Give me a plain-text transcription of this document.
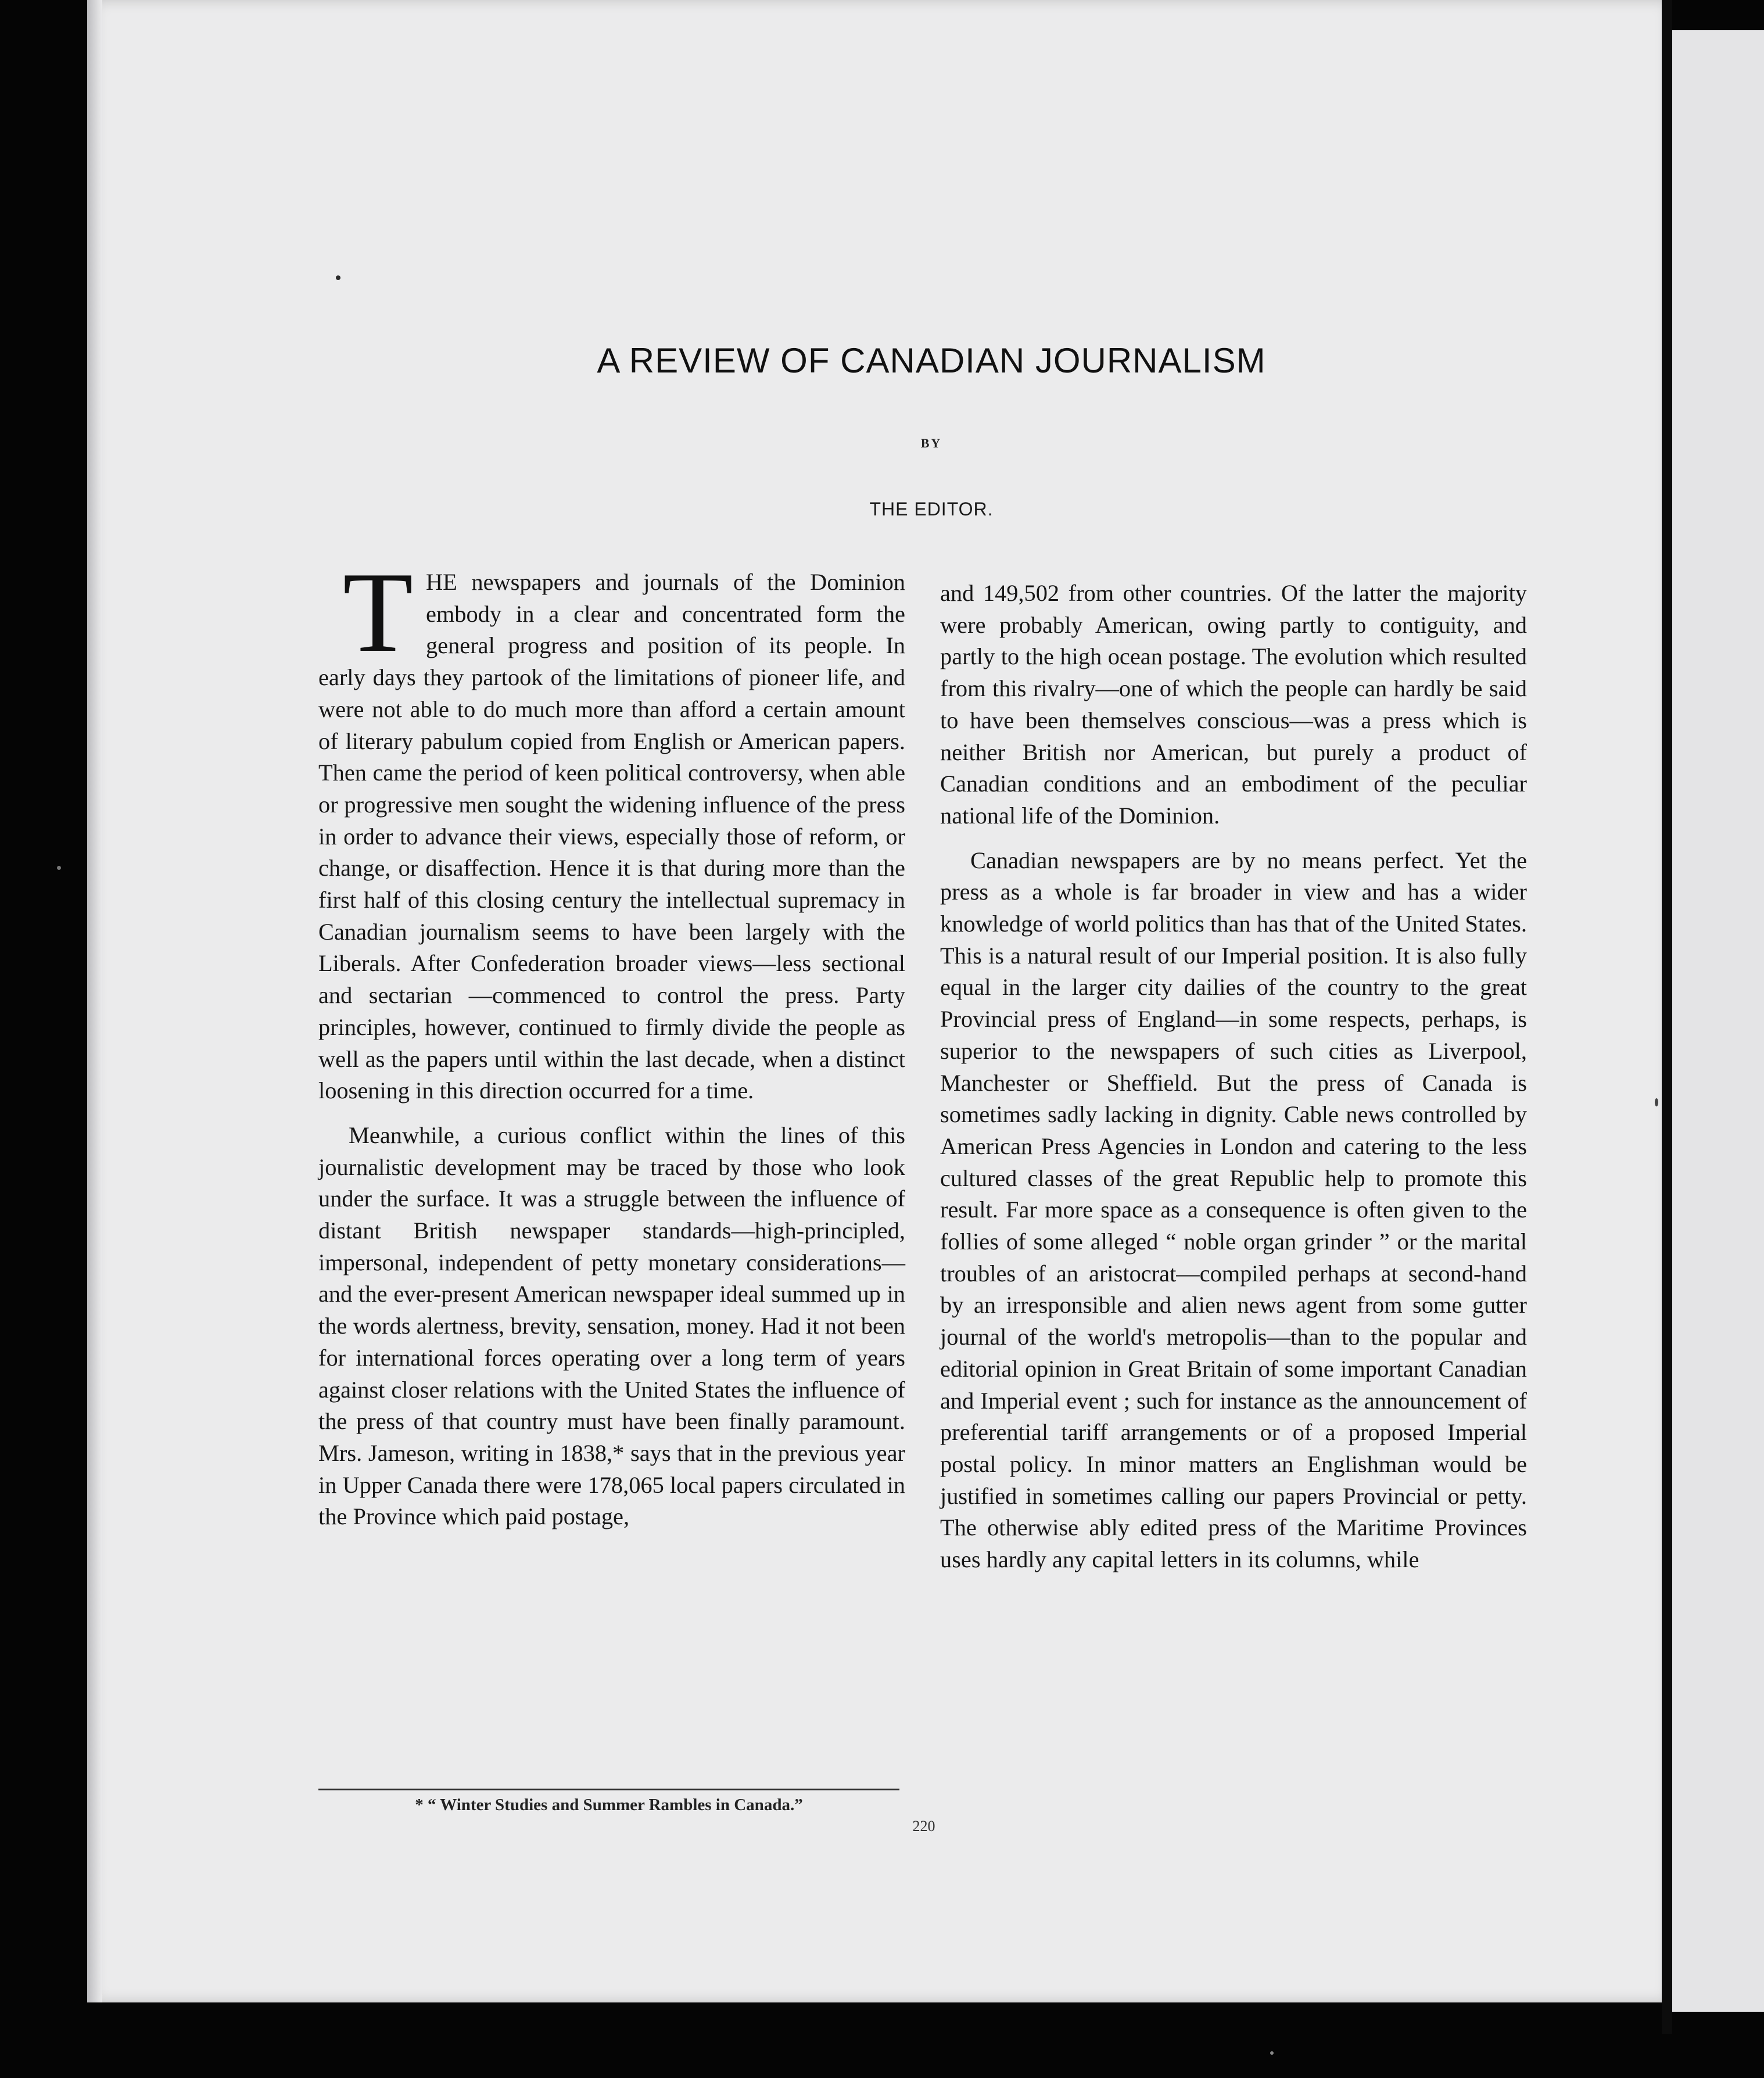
A REVIEW OF CANADIAN JOURNALISM
BY
THE EDITOR.

THE newspapers and journals of the Dominion embody in a clear and concentrated form the general progress and position of its people. In early days they partook of the limitations of pioneer life, and were not able to do much more than afford a certain amount of literary pabulum copied from English or American papers. Then came the period of keen political controversy, when able or progressive men sought the widening influence of the press in order to advance their views, especially those of reform, or change, or disaffection. Hence it is that during more than the first half of this closing century the intellectual supremacy in Canadian journalism seems to have been largely with the Liberals. After Confederation broader views—less sectional and sectarian —commenced to control the press. Party principles, however, continued to firmly divide the people as well as the papers until within the last decade, when a distinct loosening in this direction occurred for a time.

Meanwhile, a curious conflict within the lines of this journalistic development may be traced by those who look under the surface. It was a struggle between the influence of distant British newspaper standards—high-principled, impersonal, independent of petty monetary considerations—and the ever-present American newspaper ideal summed up in the words alertness, brevity, sensation, money. Had it not been for international forces operating over a long term of years against closer relations with the United States the influence of the press of that country must have been finally paramount. Mrs. Jameson, writing in 1838,* says that in the previous year in Upper Canada there were 178,065 local papers circulated in the Province which paid postage,

and 149,502 from other countries. Of the latter the majority were probably American, owing partly to contiguity, and partly to the high ocean postage. The evolution which resulted from this rivalry—one of which the people can hardly be said to have been themselves conscious—was a press which is neither British nor American, but purely a product of Canadian conditions and an embodiment of the peculiar national life of the Dominion.

Canadian newspapers are by no means perfect. Yet the press as a whole is far broader in view and has a wider knowledge of world politics than has that of the United States. This is a natural result of our Imperial position. It is also fully equal in the larger city dailies of the country to the great Provincial press of England—in some respects, perhaps, is superior to the newspapers of such cities as Liverpool, Manchester or Sheffield. But the press of Canada is sometimes sadly lacking in dignity. Cable news controlled by American Press Agencies in London and catering to the less cultured classes of the great Republic help to promote this result. Far more space as a consequence is often given to the follies of some alleged “ noble organ grinder ” or the marital troubles of an aristocrat—compiled perhaps at second-hand by an irresponsible and alien news agent from some gutter journal of the world's metropolis—than to the popular and editorial opinion in Great Britain of some important Canadian and Imperial event ; such for instance as the announcement of preferential tariff arrangements or of a proposed Imperial postal policy. In minor matters an Englishman would be justified in sometimes calling our papers Provincial or petty. The otherwise ably edited press of the Maritime Provinces uses hardly any capital letters in its columns, while

* “ Winter Studies and Summer Rambles in Canada.”
220
